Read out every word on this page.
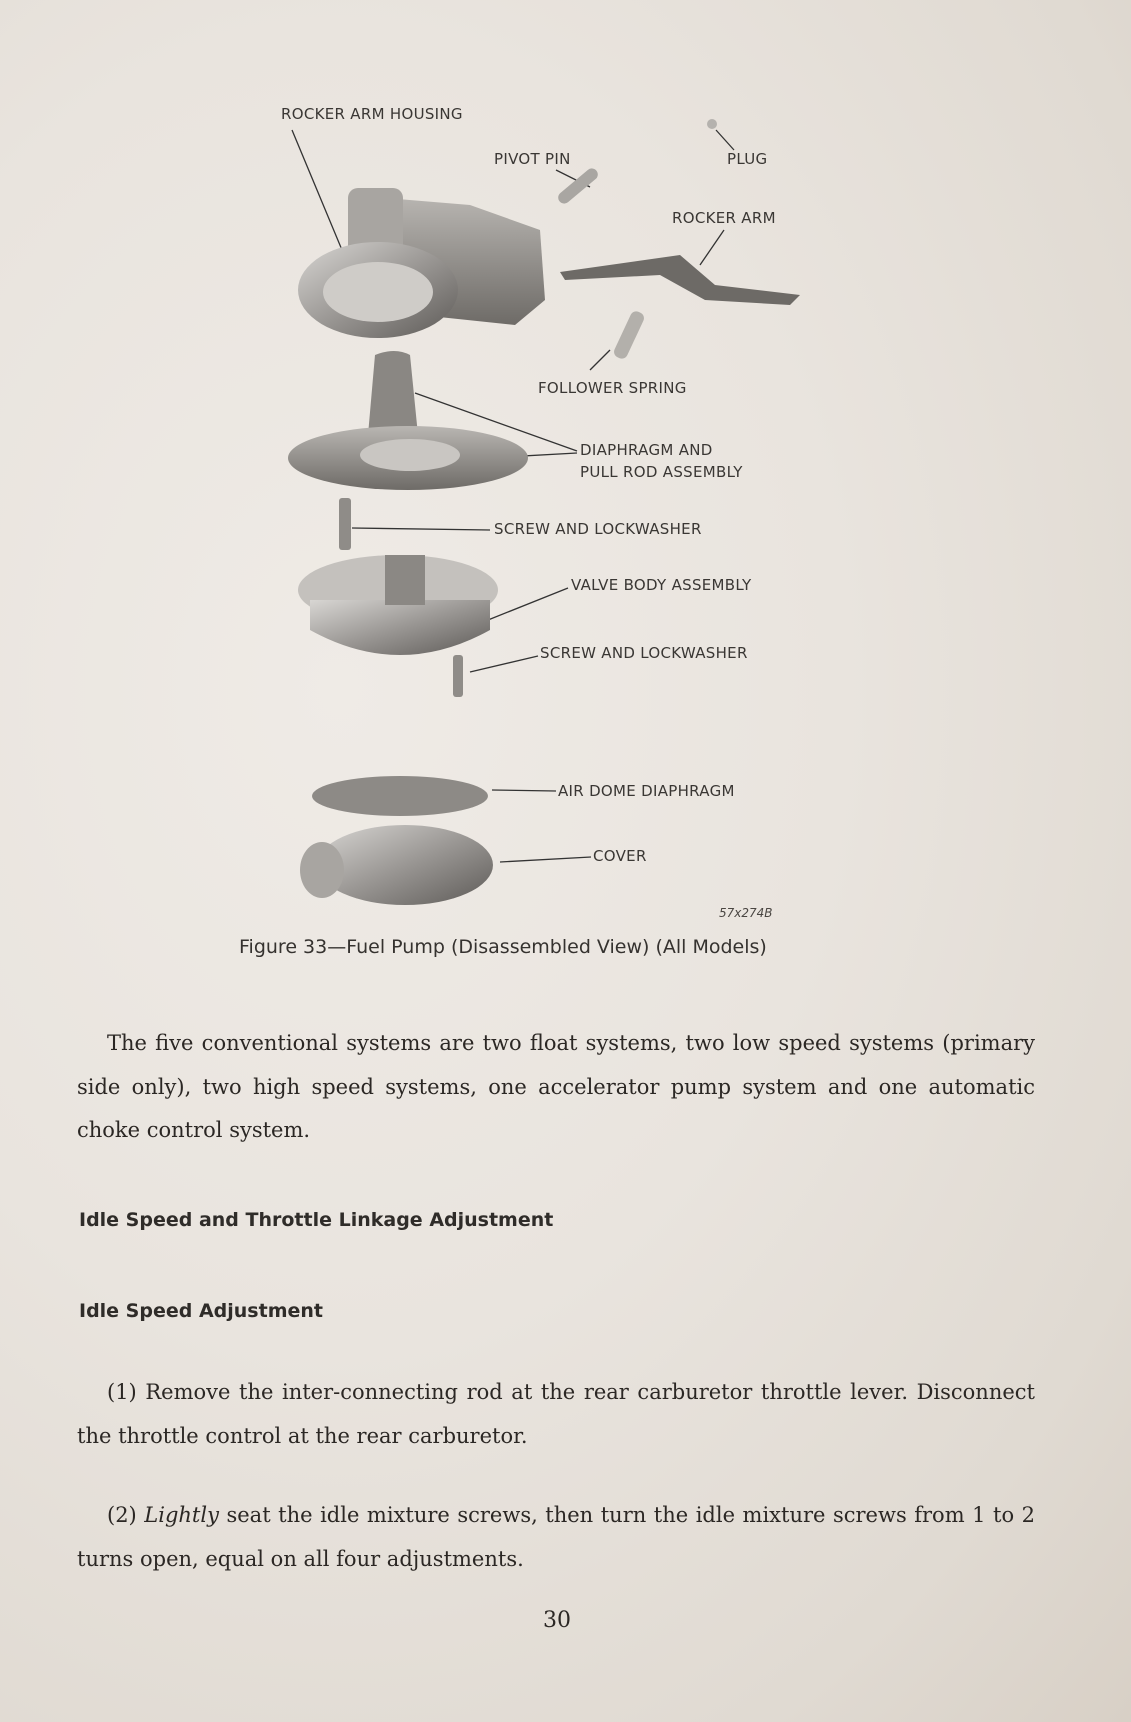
ROCKER ARM HOUSING
PIVOT PIN	PLUG
ROCKER ARM
FOLLOWER SPRING
DIAPHRAGM AND
PULL ROD ASSEMBLY
SCREW AND LOCKWASHER
VALVE BODY ASSEMBLY
SCREW AND LOCKWASHER
AIR DOME DIAPHRAGM
COVER
57x274B
Figure 33—Fuel Pump (Disassembled View) (All Models)

The five conventional systems are two float systems, two low speed systems (primary side only), two high speed systems, one accelerator pump system and one automatic choke control system.

Idle Speed and Throttle Linkage Adjustment
Idle Speed Adjustment

(1) Remove the inter-connecting rod at the rear carburetor throttle lever. Disconnect the throttle control at the rear carburetor.

(2) Lightly seat the idle mixture screws, then turn the idle mixture screws from 1 to 2 turns open, equal on all four adjustments.

30
